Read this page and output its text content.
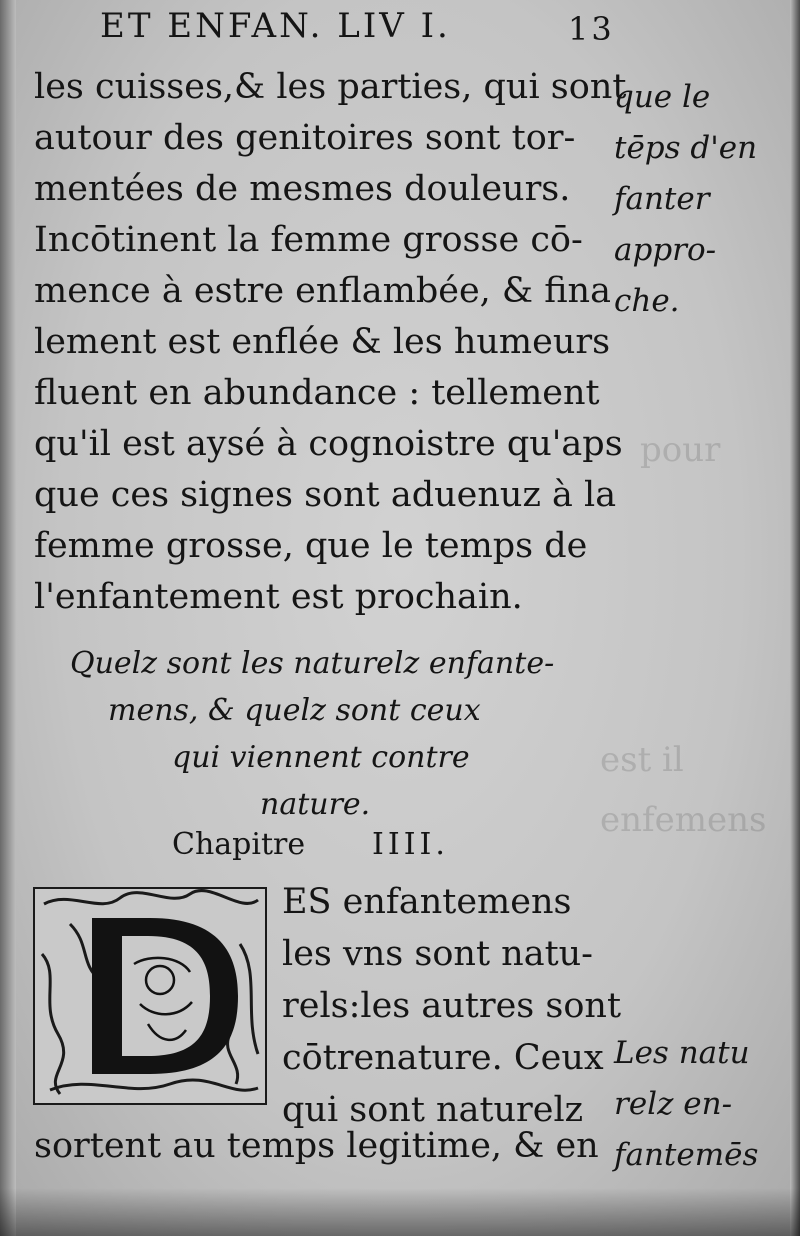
pour
est il
enfemens
ET ENFAN. LIV I.	13
les cuisses,& les parties, qui sont
autour des genitoires sont tor-
mentées de mesmes douleurs.
Incōtinent la femme grosse cō-
mence à estre enflambée, & fina
lement est enflée & les humeurs
fluent en abundance : tellement
qu'il est aysé à cognoistre qu'aps
que ces signes sont aduenuz à la
femme grosse, que le temps de
l'enfantement est prochain.
que le
tēps d'en
fanter
appro-
che.
Quelz sont les naturelz enfante-
mens, & quelz sont ceux
qui viennent contre
nature.
Chapitre IIII.
ES enfantemens
les vns sont natu-
rels:les autres sont
cōtrenature. Ceux
qui sont naturelz
sortent au temps legitime, & en
Les natu
relz en-
fantemēs
